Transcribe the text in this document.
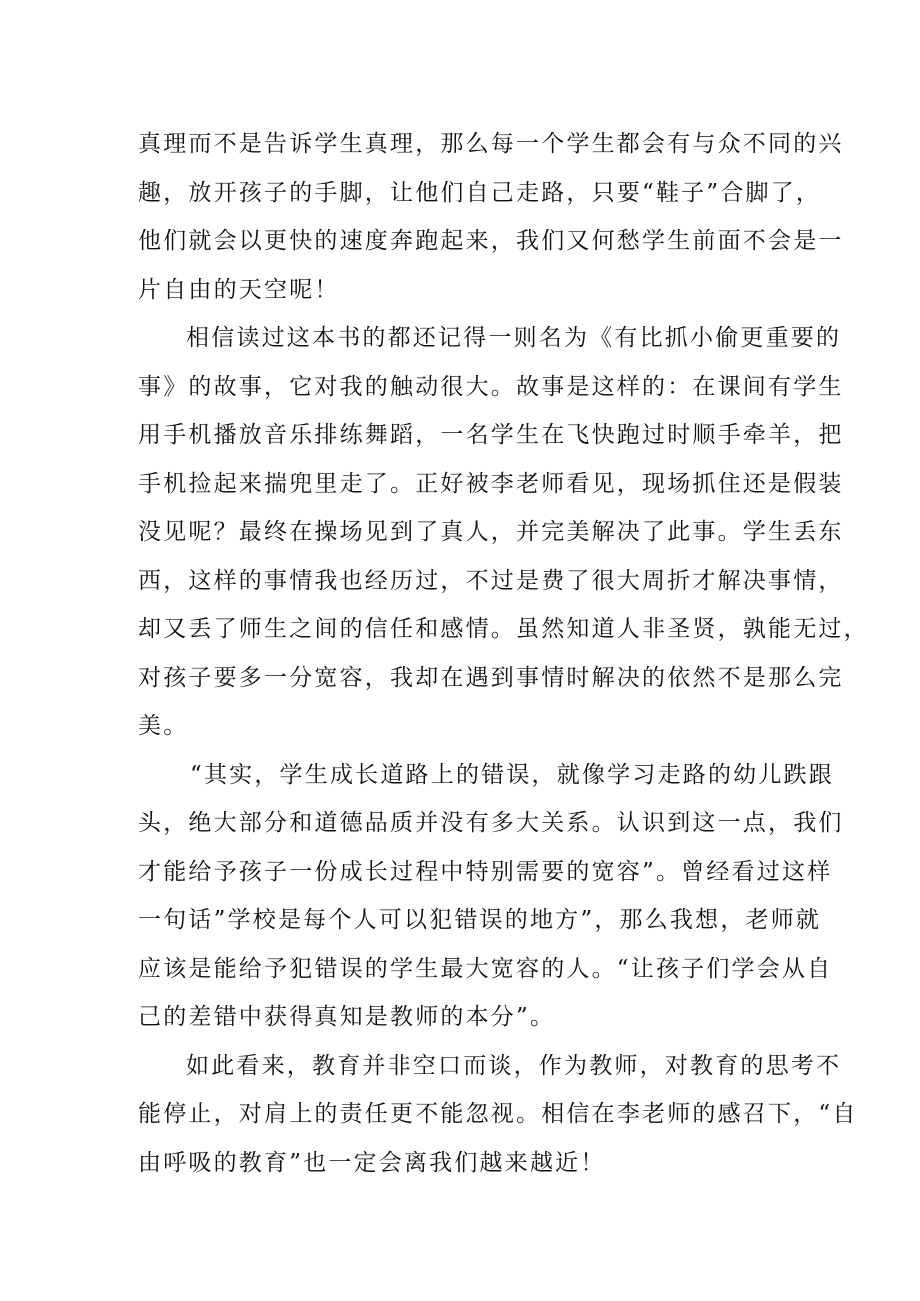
真理而不是告诉学生真理，那么每一个学生都会有与众不同的兴
趣，放开孩子的手脚，让他们自己走路，只要“鞋子”合脚了，
他们就会以更快的速度奔跑起来，我们又何愁学生前面不会是一
片自由的天空呢！
相信读过这本书的都还记得一则名为《有比抓小偷更重要的
事》的故事，它对我的触动很大。故事是这样的：在课间有学生
用手机播放音乐排练舞蹈，一名学生在飞快跑过时顺手牵羊，把
手机捡起来揣兜里走了。正好被李老师看见，现场抓住还是假装
没见呢？最终在操场见到了真人，并完美解决了此事。学生丢东
西，这样的事情我也经历过，不过是费了很大周折才解决事情，
却又丢了师生之间的信任和感情。虽然知道人非圣贤，孰能无过，
对孩子要多一分宽容，我却在遇到事情时解决的依然不是那么完
美。
“其实，学生成长道路上的错误，就像学习走路的幼儿跌跟
头，绝大部分和道德品质并没有多大关系。认识到这一点，我们
才能给予孩子一份成长过程中特别需要的宽容”。曾经看过这样
一句话”学校是每个人可以犯错误的地方”，那么我想，老师就
应该是能给予犯错误的学生最大宽容的人。“让孩子们学会从自
己的差错中获得真知是教师的本分”。
如此看来，教育并非空口而谈，作为教师，对教育的思考不
能停止，对肩上的责任更不能忽视。相信在李老师的感召下，“自
由呼吸的教育”也一定会离我们越来越近！
